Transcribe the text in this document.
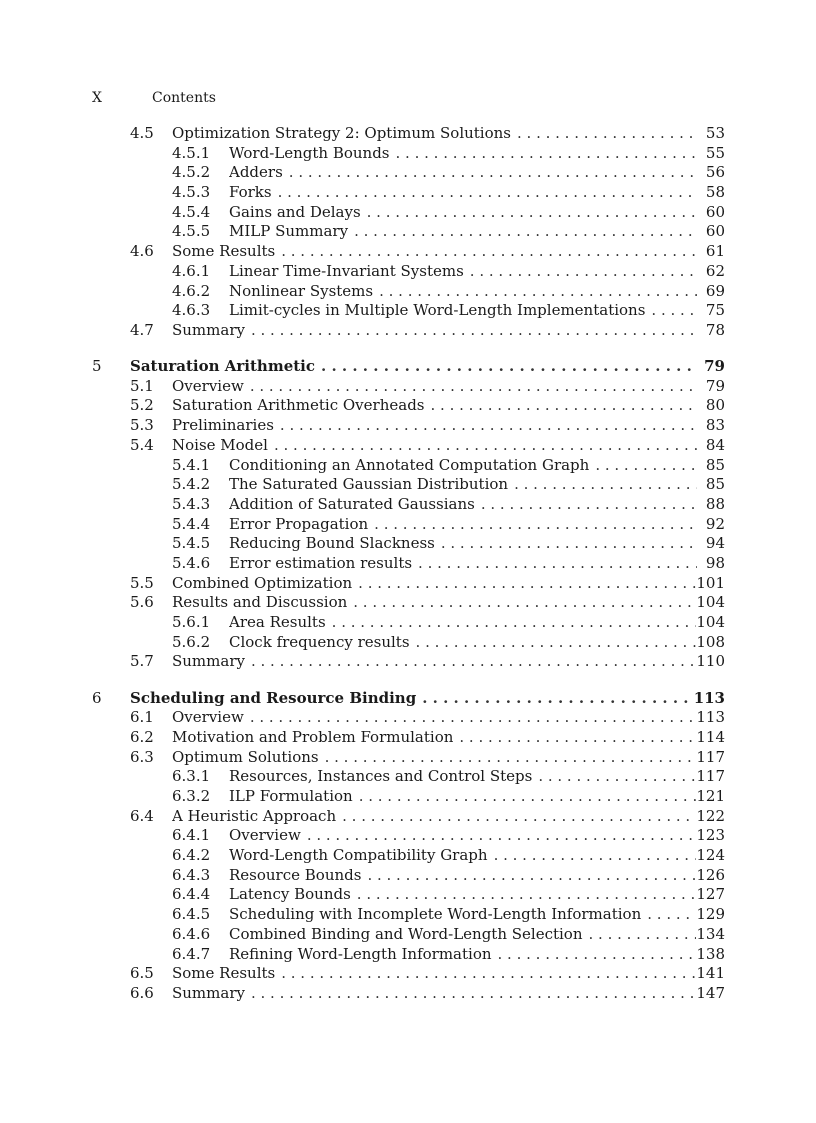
X	Contents
4.5 Optimization Strategy 2: Optimum Solutions . . .	53
4.5.1 Word-Length Bounds . . .	55
4.5.2 Adders . . .	56
4.5.3 Forks . . .	58
4.5.4 Gains and Delays . . .	60
4.5.5 MILP Summary . . .	60
4.6 Some Results . . .	61
4.6.1 Linear Time-Invariant Systems . . .	62
4.6.2 Nonlinear Systems . . .	69
4.6.3 Limit-cycles in Multiple Word-Length Implementations . . .	75
4.7 Summary . . .	78
5 Saturation Arithmetic . . .	79
5.1 Overview . . .	79
5.2 Saturation Arithmetic Overheads . . .	80
5.3 Preliminaries . . .	83
5.4 Noise Model . . .	84
5.4.1 Conditioning an Annotated Computation Graph . . .	85
5.4.2 The Saturated Gaussian Distribution . . .	85
5.4.3 Addition of Saturated Gaussians . . .	88
5.4.4 Error Propagation . . .	92
5.4.5 Reducing Bound Slackness . . .	94
5.4.6 Error estimation results . . .	98
5.5 Combined Optimization . . .	101
5.6 Results and Discussion . . .	104
5.6.1 Area Results . . .	104
5.6.2 Clock frequency results . . .	108
5.7 Summary . . .	110
6 Scheduling and Resource Binding . . .	113
6.1 Overview . . .	113
6.2 Motivation and Problem Formulation . . .	114
6.3 Optimum Solutions . . .	117
6.3.1 Resources, Instances and Control Steps . . .	117
6.3.2 ILP Formulation . . .	121
6.4 A Heuristic Approach . . .	122
6.4.1 Overview . . .	123
6.4.2 Word-Length Compatibility Graph . . .	124
6.4.3 Resource Bounds . . .	126
6.4.4 Latency Bounds . . .	127
6.4.5 Scheduling with Incomplete Word-Length Information . . .	129
6.4.6 Combined Binding and Word-Length Selection . . .	134
6.4.7 Refining Word-Length Information . . .	138
6.5 Some Results . . .	141
6.6 Summary . . .	147
